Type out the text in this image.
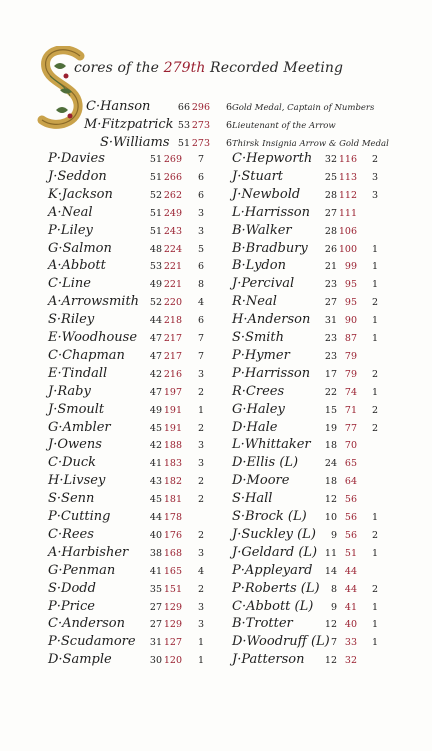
cores of the 279th Recorded Meeting
C·Hanson	66 296	6 Gold Medal, Captain of Numbers
M·Fitzpatrick 53 273	6 Lieutenant of the Arrow
S·Williams 51 273	6 Thirsk Insignia Arrow & Gold Medal
P·Davies	51 269	7
J·Seddon	51 266	6
K·Jackson	52 262	6
A·Neal	51 249	3
P·Liley	51 243	3
G·Salmon	48 224	5
A·Abbott	53 221	6
C·Line	49 221	8
A·Arrowsmith	52 220	4
S·Riley	44 218	6
E·Woodhouse	47 217	7
C·Chapman	47 217	7
E·Tindall	42 216	3
J·Raby	47 197	2
J·Smoult	49 191	1
G·Ambler	45 191	2
J·Owens	42 188	3
C·Duck	41 183	3
H·Livsey	43 182	2
S·Senn	45 181	2
P·Cutting	44 178
C·Rees	40 176	2
A·Harbisher	38 168	3
G·Penman	41 165	4
S·Dodd	35 151	2
P·Price	27 129	3
C·Anderson	27 129	3
P·Scudamore	31 127	1
D·Sample	30 120	1
C·Hepworth	32 116	2
J·Stuart	25 113	3
J·Newbold	28 112	3
L·Harrisson	27 111
B·Walker	28 106
B·Bradbury	26 100	1
B·Lydon	21 99	1
J·Percival	23 95	1
R·Neal	27 95	2
H·Anderson	31 90	1
S·Smith	23 87	1
P·Hymer	23 79
P·Harrisson	17 79	2
R·Crees	22 74	1
G·Haley	15 71	2
D·Hale	19 77	2
L·Whittaker	18 70
D·Ellis (L)	24 65
D·Moore	18 64
S·Hall	12 56
S·Brock (L)	10 56	1
J·Suckley (L)	9 56	2
J·Geldard (L) 11 51	1
P·Appleyard	14 44
P·Roberts (L)	8 44	2
C·Abbott (L)	9 41	1
B·Trotter	12 40	1
D·Woodruff (L) 7 33	1
J·Patterson	12 32
